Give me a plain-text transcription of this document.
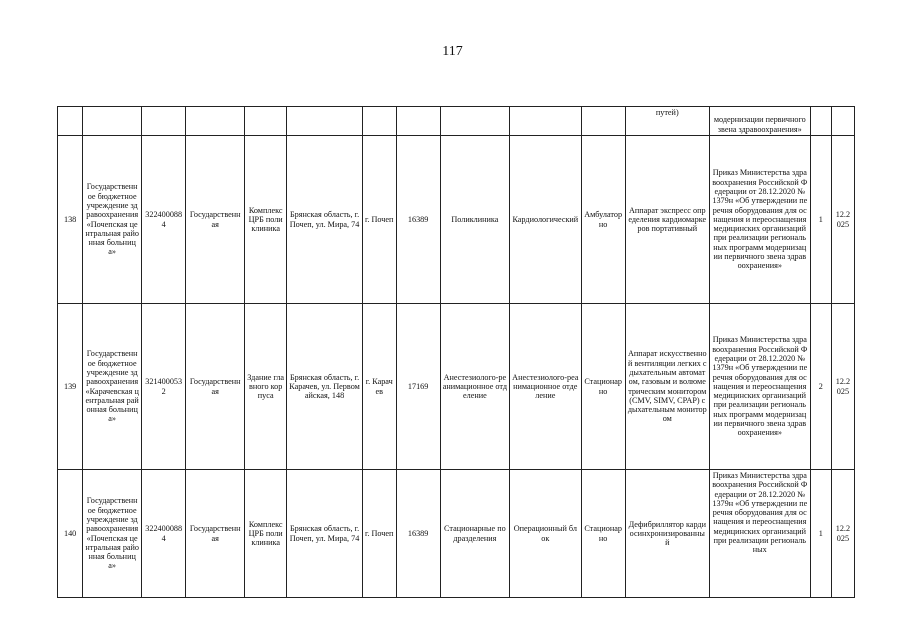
117
											путей)	модернизации первичного звена здравоохранения»		
138	Государственное бюджетное учреждение здравоохранения «Почепская центральная районная больница»	3224000884	Государственная	Комплекс ЦРБ поликлиника	Брянская область, г. Почеп, ул. Мира, 74	г. Почеп	16389	Поликлиника	Кардиологический	Амбулаторно	Аппарат экспресс определения кардиомаркеров портативный	Приказ Министерства здравоохранения Российской Федерации от 28.12.2020 № 1379н «Об утверждении перечня оборудования для оснащения и переоснащения медицинских организаций при реализации региональных программ модернизации первичного звена здравоохранения»	1	12.2025
139	Государственное бюджетное учреждение здравоохранения «Карачевская центральная районная больница»	3214000532	Государственная	Здание главного корпуса	Брянская область, г. Карачев, ул. Первомайская, 148	г. Карачев	17169	Анестезиолого-реанимационное отделение	Анестезиолого-реанимационное отделение	Стационарно	Аппарат искусственной вентиляции легких с дыхательным автоматом, газовым и волюметрическим монитором (CMV, SIMV, CPAP) с дыхательным монитором	Приказ Министерства здравоохранения Российской Федерации от 28.12.2020 № 1379н «Об утверждении перечня оборудования для оснащения и переоснащения медицинских организаций при реализации региональных программ модернизации первичного звена здравоохранения»	2	12.2025
140	Государственное бюджетное учреждение здравоохранения «Почепская центральная районная больница»	3224000884	Государственная	Комплекс ЦРБ поликлиника	Брянская область, г. Почеп, ул. Мира, 74	г. Почеп	16389	Стационарные подразделения	Операционный блок	Стационарно	Дефибриллятор кардиосинхронизированный	Приказ Министерства здравоохранения Российской Федерации от 28.12.2020 № 1379н «Об утверждении перечня оборудования для оснащения и переоснащения медицинских организаций при реализации региональных	1	12.2025
